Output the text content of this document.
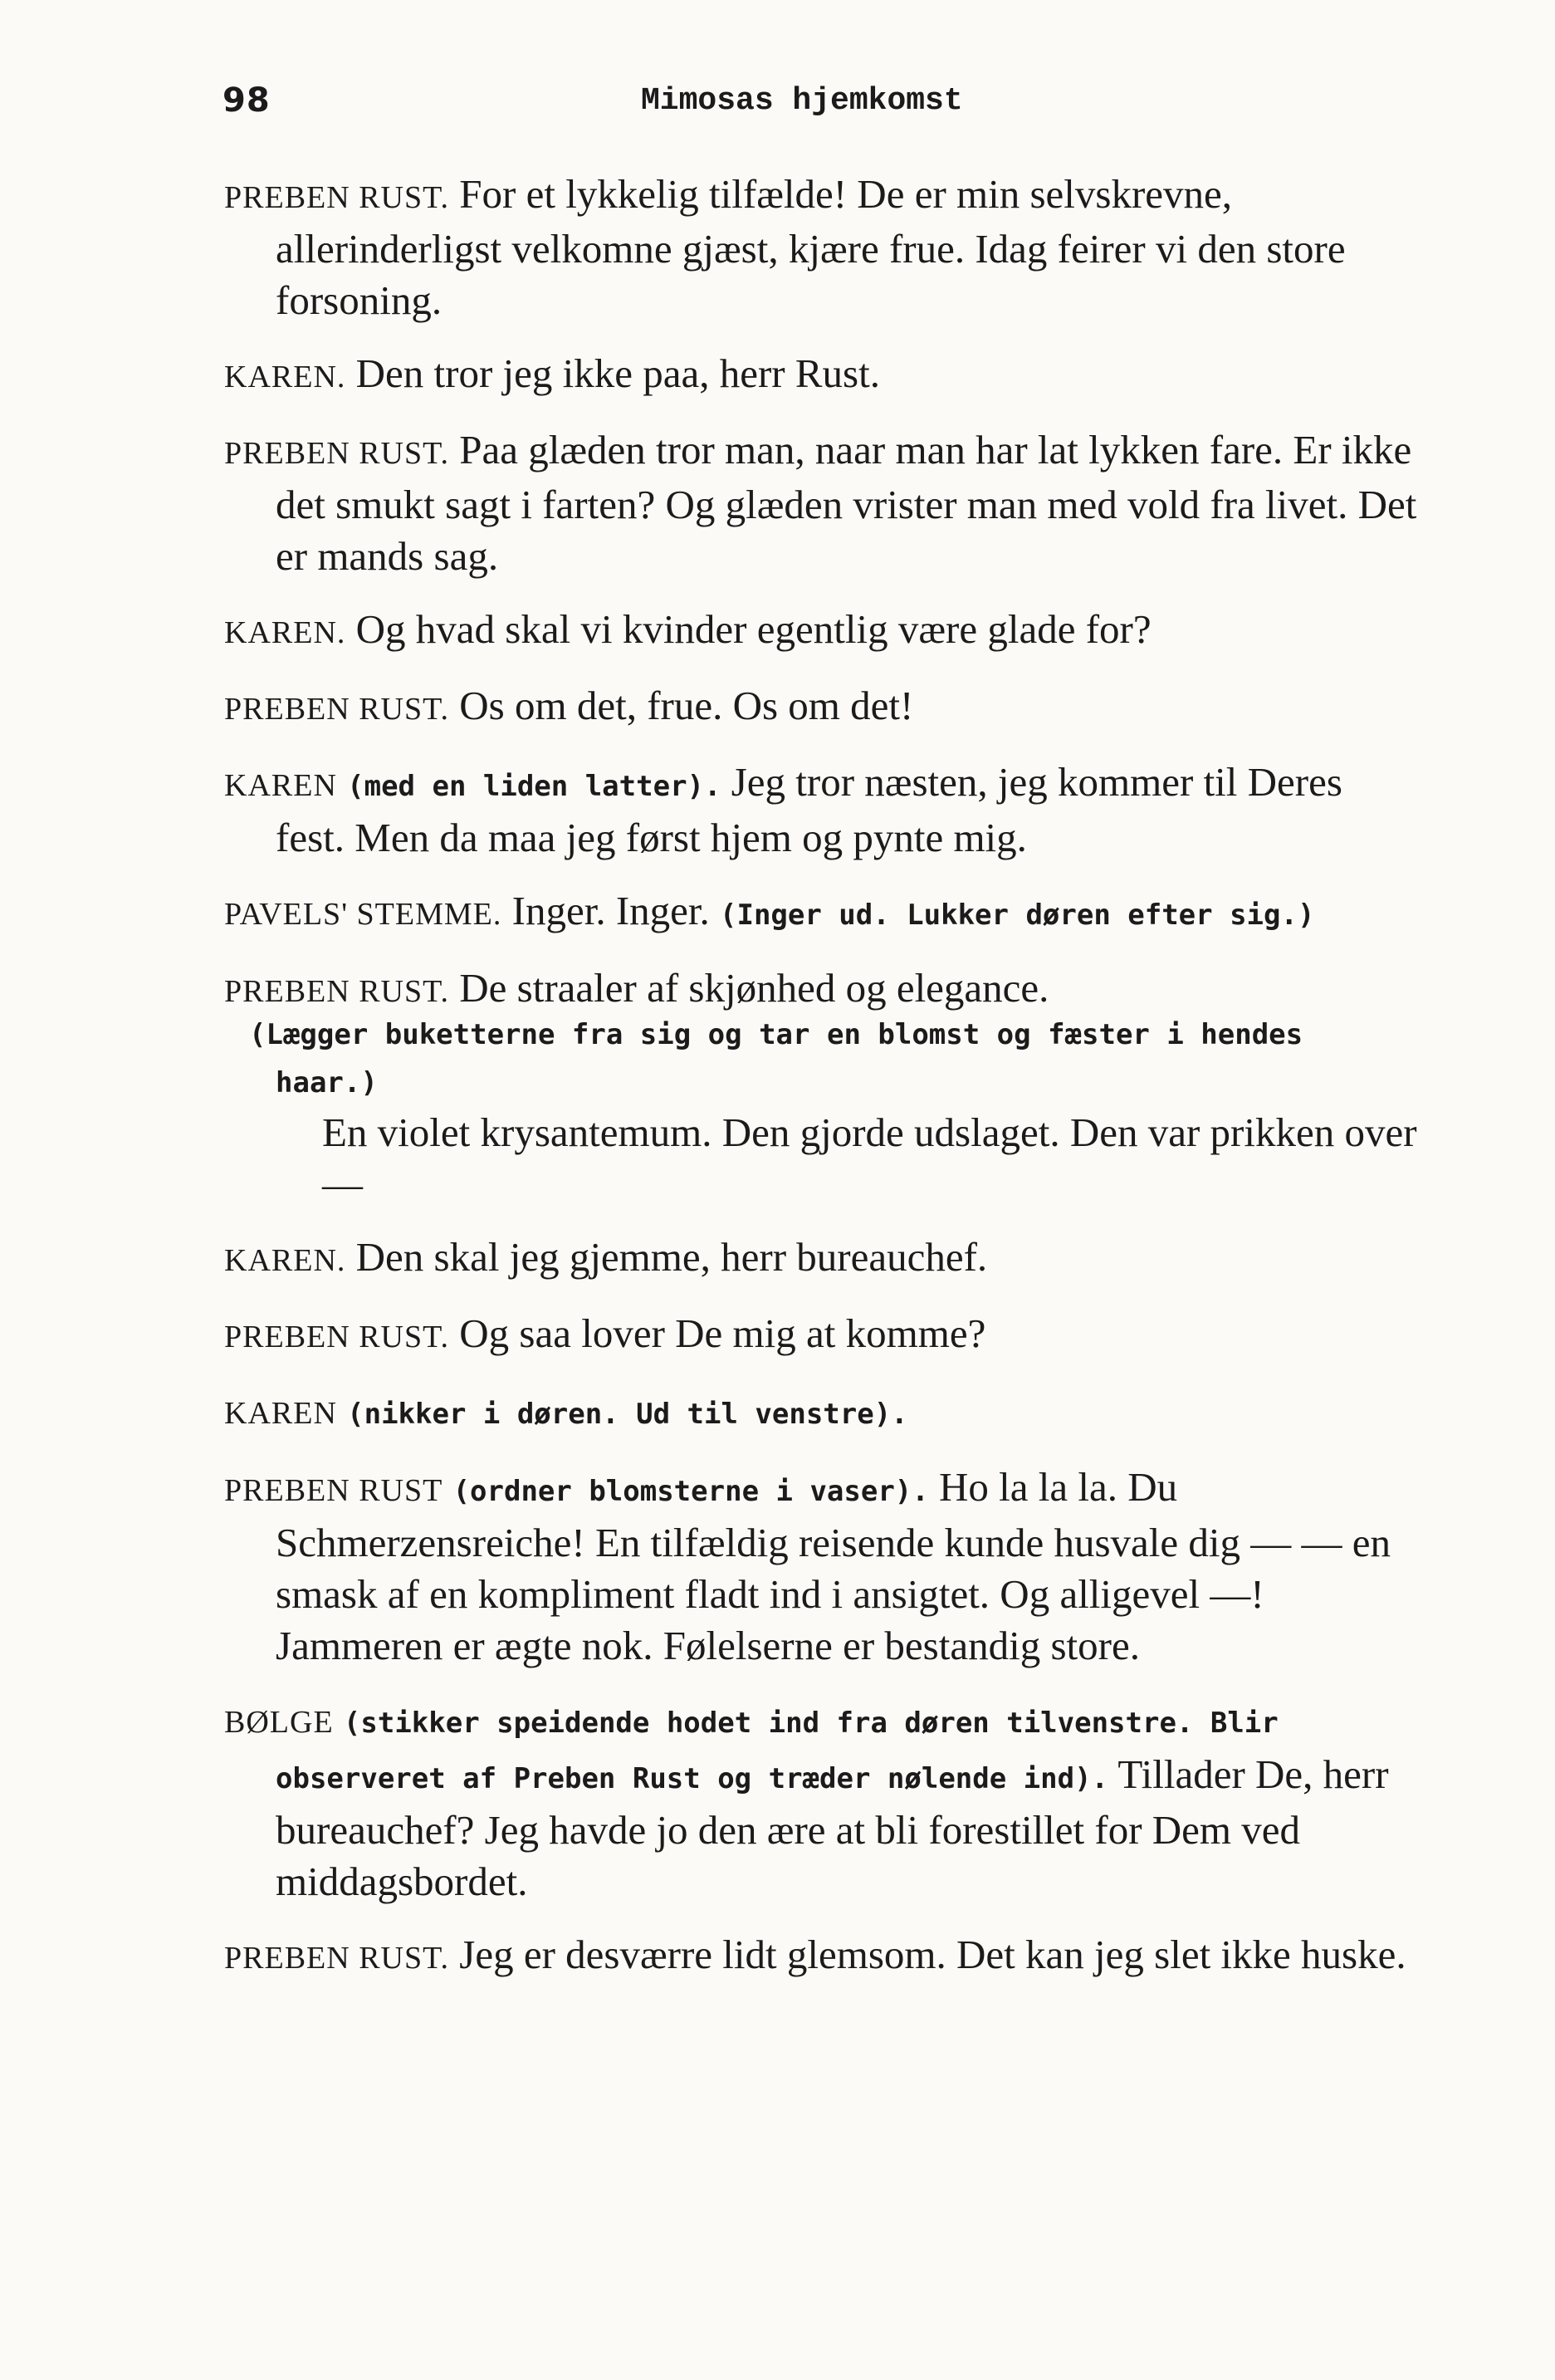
98	Mimosas hjemkomst

PREBEN RUST. For et lykkelig tilfælde! De er min selvskrevne, allerinderligst velkomne gjæst, kjære frue. Idag feirer vi den store forsoning.

KAREN. Den tror jeg ikke paa, herr Rust.

PREBEN RUST. Paa glæden tror man, naar man har lat lykken fare. Er ikke det smukt sagt i farten? Og glæden vrister man med vold fra livet. Det er mands sag.

KAREN. Og hvad skal vi kvinder egentlig være glade for?

PREBEN RUST. Os om det, frue. Os om det!

KAREN (med en liden latter). Jeg tror næsten, jeg kommer til Deres fest. Men da maa jeg først hjem og pynte mig.

PAVELS' STEMME. Inger. Inger. (Inger ud. Lukker døren efter sig.)

PREBEN RUST. De straaler af skjønhed og elegance.

(Lægger buketterne fra sig og tar en blomst og fæster i hendes haar.)

En violet krysantemum. Den gjorde udslaget. Den var prikken over —

KAREN. Den skal jeg gjemme, herr bureauchef.

PREBEN RUST. Og saa lover De mig at komme?

KAREN (nikker i døren. Ud til venstre).

PREBEN RUST (ordner blomsterne i vaser). Ho la la la. Du Schmerzensreiche! En tilfældig reisende kunde husvale dig — — en smask af en kompliment fladt ind i ansigtet. Og alligevel —! Jammeren er ægte nok. Følelserne er bestandig store.

BØLGE (stikker speidende hodet ind fra døren tilvenstre. Blir observeret af Preben Rust og træder nølende ind). Tillader De, herr bureauchef? Jeg havde jo den ære at bli forestillet for Dem ved middagsbordet.

PREBEN RUST. Jeg er desværre lidt glemsom. Det kan jeg slet ikke huske.
